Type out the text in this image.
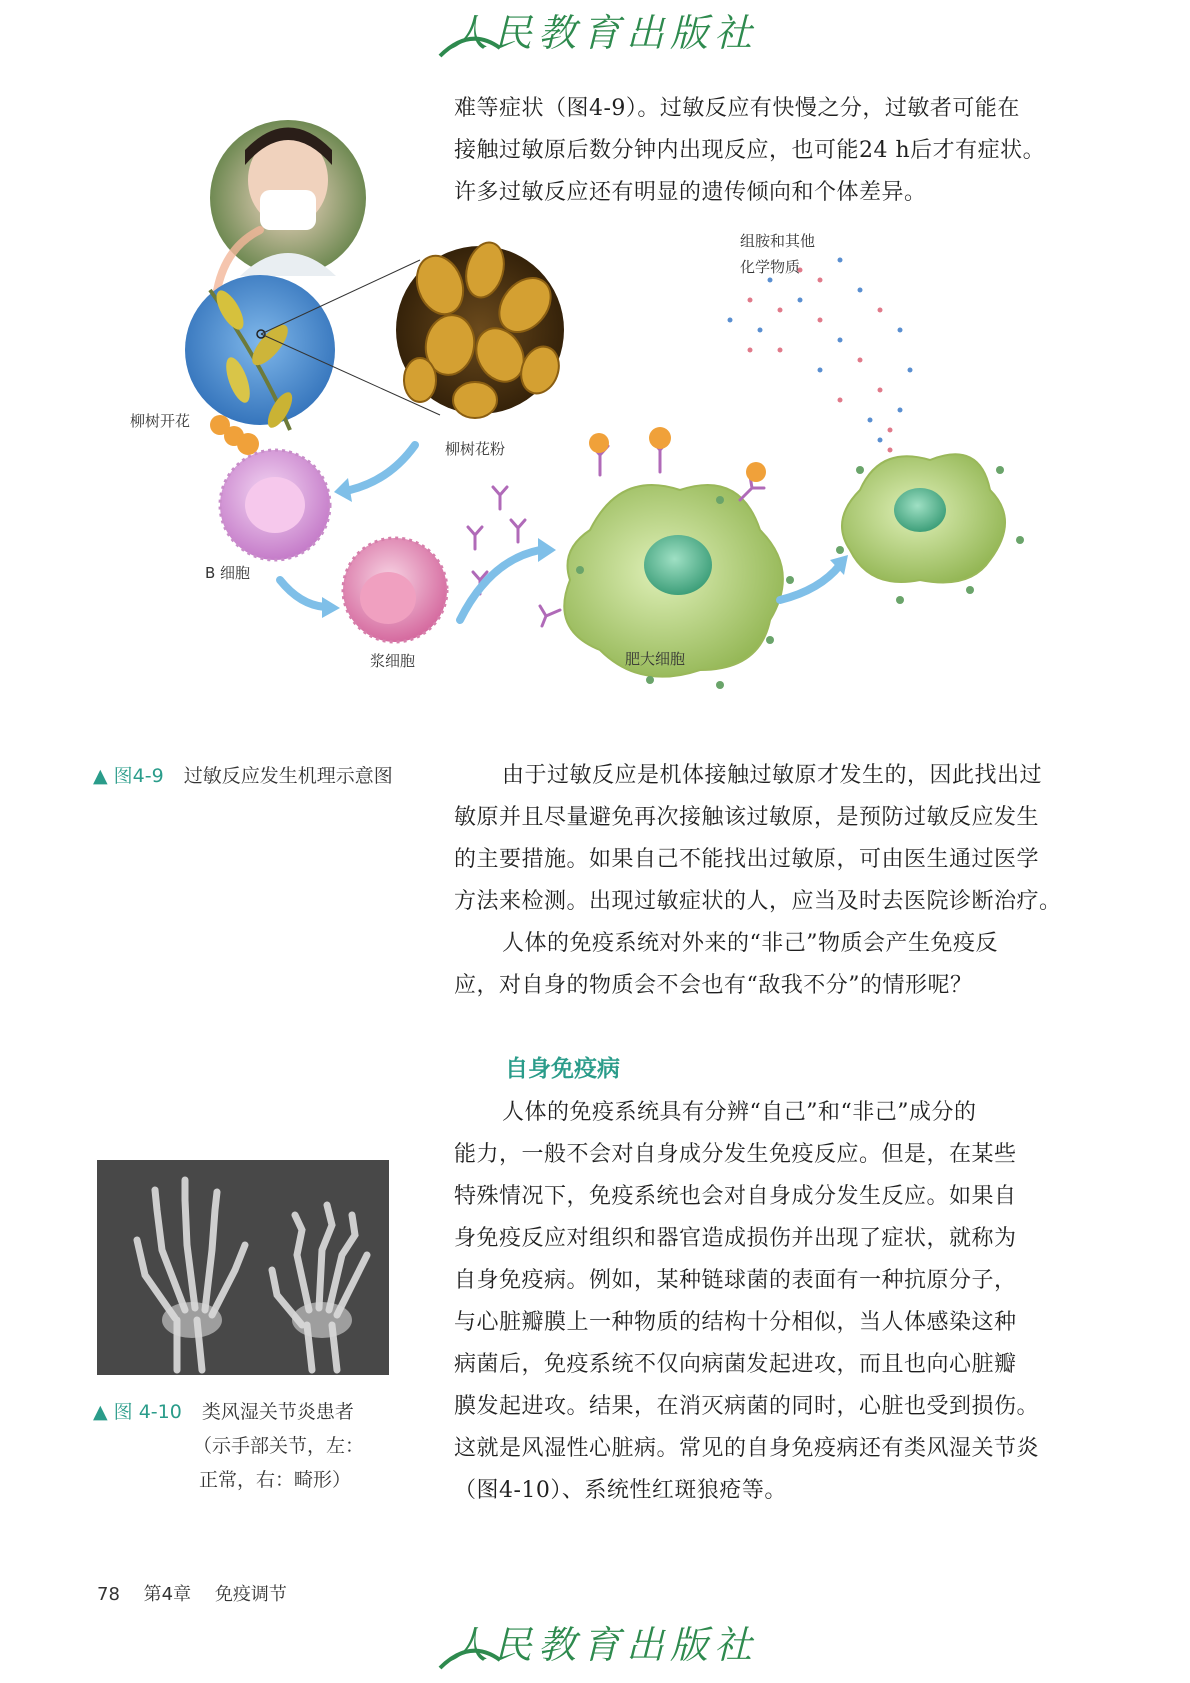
人民教育出版社
难等症状（图4-9）。过敏反应有快慢之分，过敏者可能在
接触过敏原后数分钟内出现反应，也可能24 h后才有症状。
许多过敏反应还有明显的遗传倾向和个体差异。
柳树开花
柳树花粉
B 细胞
浆细胞	肥大细胞
组胺和其他
化学物质
▲ 图4-9 过敏反应发生机理示意图	由于过敏反应是机体接触过敏原才发生的，因此找出过
敏原并且尽量避免再次接触该过敏原，是预防过敏反应发生
的主要措施。如果自己不能找出过敏原，可由医生通过医学
方法来检测。出现过敏症状的人，应当及时去医院诊断治疗。
人体的免疫系统对外来的“非己”物质会产生免疫反
应，对自身的物质会不会也有“敌我不分”的情形呢？
自身免疫病
人体的免疫系统具有分辨“自己”和“非己”成分的
能力，一般不会对自身成分发生免疫反应。但是，在某些
特殊情况下，免疫系统也会对自身成分发生反应。如果自
身免疫反应对组织和器官造成损伤并出现了症状，就称为
自身免疫病。例如，某种链球菌的表面有一种抗原分子，
与心脏瓣膜上一种物质的结构十分相似，当人体感染这种
病菌后，免疫系统不仅向病菌发起进攻，而且也向心脏瓣
膜发起进攻。结果，在消灭病菌的同时，心脏也受到损伤。
这就是风湿性心脏病。常见的自身免疫病还有类风湿关节炎
（图4-10）、系统性红斑狼疮等。
▲ 图 4-10 类风湿关节炎患者
（示手部关节，左：
正常，右：畸形）
78 第4章 免疫调节
人民教育出版社
